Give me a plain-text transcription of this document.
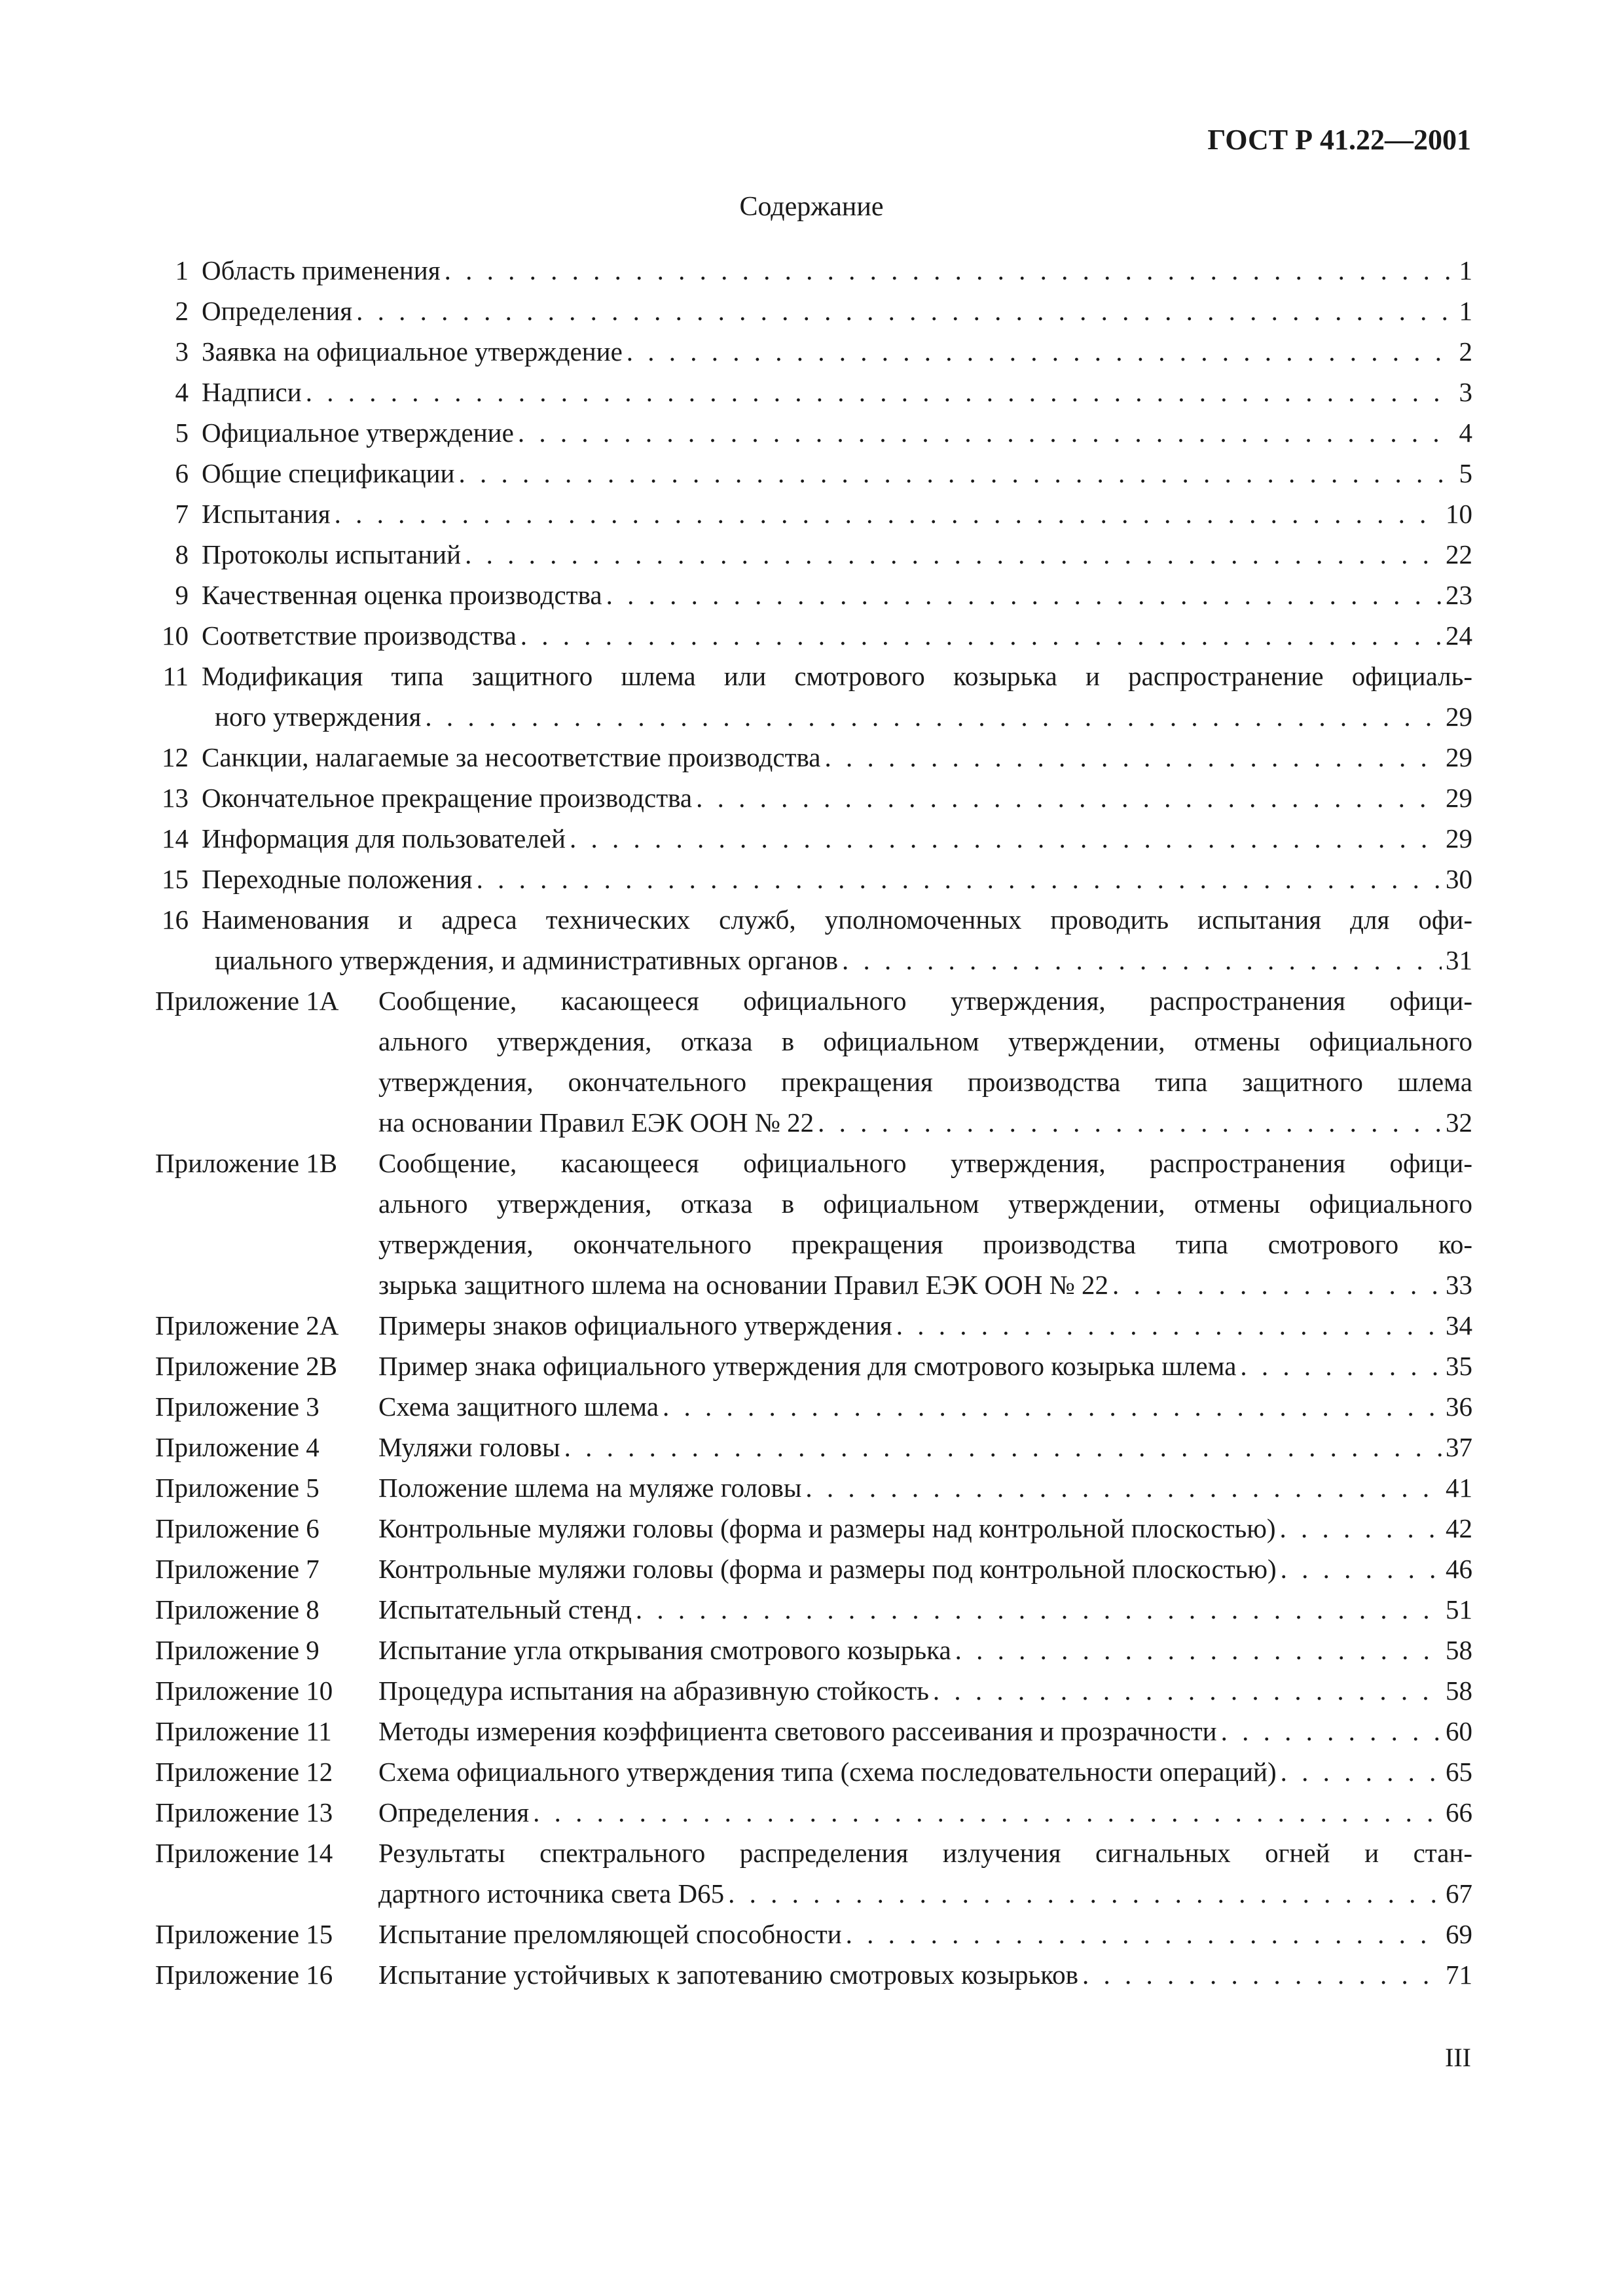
ГОСТ Р 41.22—2001
Содержание
1 Область применения . . .	1
2 Определения . . .	1
3 Заявка на официальное утверждение . . .	2
4 Надписи . . .	3
5 Официальное утверждение . . .	4
6 Общие спецификации . . .	5
7 Испытания . . .	10
8 Протоколы испытаний . . .	22
9 Качественная оценка производства . . .	23
10 Соответствие производства . . .	24
11 Модификация типа защитного шлема или смотрового козырька и распространение официаль-
ного утверждения . . .	29
12 Санкции, налагаемые за несоответствие производства . . .	29
13 Окончательное прекращение производства . . .	29
14 Информация для пользователей . . .	29
15 Переходные положения . . .	30
16 Наименования и адреса технических служб, уполномоченных проводить испытания для офи-
циального утверждения, и административных органов . . .	31
Приложение 1А	Сообщение, касающееся официального утверждения, распространения офици-
ального утверждения, отказа в официальном утверждении, отмены официального
утверждения, окончательного прекращения производства типа защитного шлема
на основании Правил ЕЭК ООН № 22 . . .	32
Приложение 1В	Сообщение, касающееся официального утверждения, распространения офици-
ального утверждения, отказа в официальном утверждении, отмены официального
утверждения, окончательного прекращения производства типа смотрового ко-
зырька защитного шлема на основании Правил ЕЭК ООН № 22 . . .	33
Приложение 2А	Примеры знаков официального утверждения . . .	34
Приложение 2В	Пример знака официального утверждения для смотрового козырька шлема . . .	35
Приложение 3	Схема защитного шлема . . .	36
Приложение 4	Муляжи головы . . .	37
Приложение 5	Положение шлема на муляже головы . . .	41
Приложение 6	Контрольные муляжи головы (форма и размеры над контрольной плоскостью) . . .	42
Приложение 7	Контрольные муляжи головы (форма и размеры под контрольной плоскостью) . . .	46
Приложение 8	Испытательный стенд . . .	51
Приложение 9	Испытание угла открывания смотрового козырька . . .	58
Приложение 10	Процедура испытания на абразивную стойкость . . .	58
Приложение 11	Методы измерения коэффициента светового рассеивания и прозрачности . . .	60
Приложение 12	Схема официального утверждения типа (схема последовательности операций) . . .	65
Приложение 13	Определения . . .	66
Приложение 14	Результаты спектрального распределения излучения сигнальных огней и стан-
дартного источника света D65 . . .	67
Приложение 15	Испытание преломляющей способности . . .	69
Приложение 16	Испытание устойчивых к запотеванию смотровых козырьков . . .	71
III
